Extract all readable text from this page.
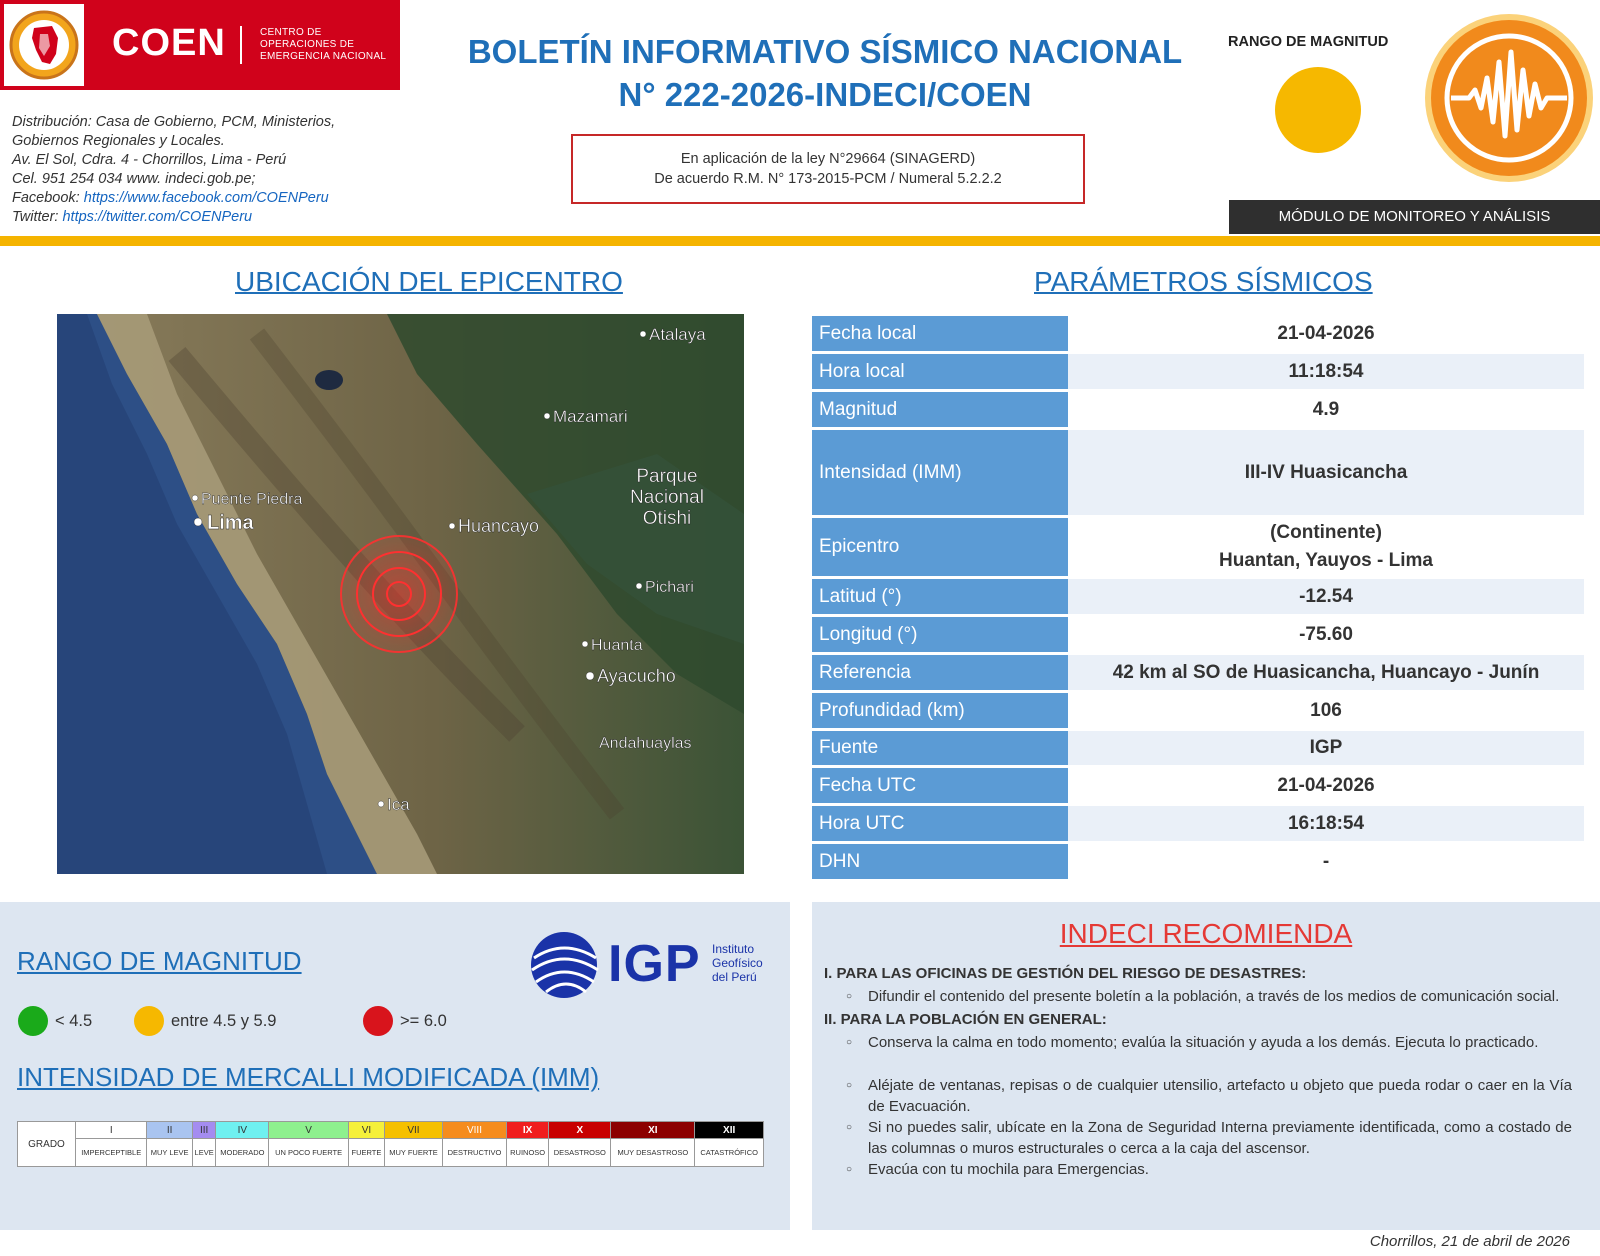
COEN	CENTRO DE
OPERACIONES DE
EMERGENCIA NACIONAL
Distribución: Casa de Gobierno, PCM, Ministerios,
Gobiernos Regionales y Locales.
Av. El Sol, Cdra. 4 - Chorrillos, Lima - Perú
Cel. 951 254 034 www. indeci.gob.pe;
Facebook: https://www.facebook.com/COENPeru
Twitter: https://twitter.com/COENPeru
BOLETÍN INFORMATIVO SÍSMICO NACIONAL
N° 222-2026-INDECI/COEN
En aplicación de la ley N°29664 (SINAGERD)
De acuerdo R.M. N° 173-2015-PCM / Numeral 5.2.2.2
RANGO DE MAGNITUD
MÓDULO DE MONITOREO Y ANÁLISIS
UBICACIÓN DEL EPICENTRO	PARÁMETROS SÍSMICOS
Atalaya
Mazamari
Parque
Nacional
Otishi
Puente Piedra
Lima	Huancayo
Pichari
Huanta
Ayacucho
Andahuaylas
Ica
Fecha local	21-04-2026
Hora local	11:18:54
Magnitud	4.9
Intensidad (IMM)	III-IV Huasicancha
Epicentro	(Continente)
Huantan, Yauyos - Lima

Latitud (°)	-12.54
Longitud (°)	-75.60
Referencia	42 km al SO de Huasicancha, Huancayo - Junín
Profundidad (km)	106
Fuente	IGP
Fecha UTC	21-04-2026
Hora UTC	16:18:54
DHN	-
RANGO DE MAGNITUD	IGP Instituto
Geofísico
del Perú
< 4.5	entre 4.5 y 5.9	>= 6.0
INTENSIDAD DE MERCALLI MODIFICADA (IMM)
GRADO	I	II	III	IV	V	VI	VII	VIII	IX	X	XI	XII
	IMPERCEPTIBLE	MUY LEVE	LEVE	MODERADO	UN POCO FUERTE	FUERTE	MUY FUERTE	DESTRUCTIVO	RUINOSO	DESASTROSO	MUY DESASTROSO	CATASTRÓFICO
INDECI RECOMIENDA
I. PARA LAS OFICINAS DE GESTIÓN DEL RIESGO DE DESASTRES:
○ Difundir el contenido del presente boletín a la población, a través de los medios de comunicación social.
II. PARA LA POBLACIÓN EN GENERAL:
○ Conserva la calma en todo momento; evalúa la situación y ayuda a los demás. Ejecuta lo practicado.
○ Aléjate de ventanas, repisas o de cualquier utensilio, artefacto u objeto que pueda rodar o caer en la Vía de Evacuación.
○ Si no puedes salir, ubícate en la Zona de Seguridad Interna previamente identificada, como a costado de las columnas o muros estructurales o cerca a la caja del ascensor.
○ Evacúa con tu mochila para Emergencias.
Chorrillos, 21 de abril de 2026
